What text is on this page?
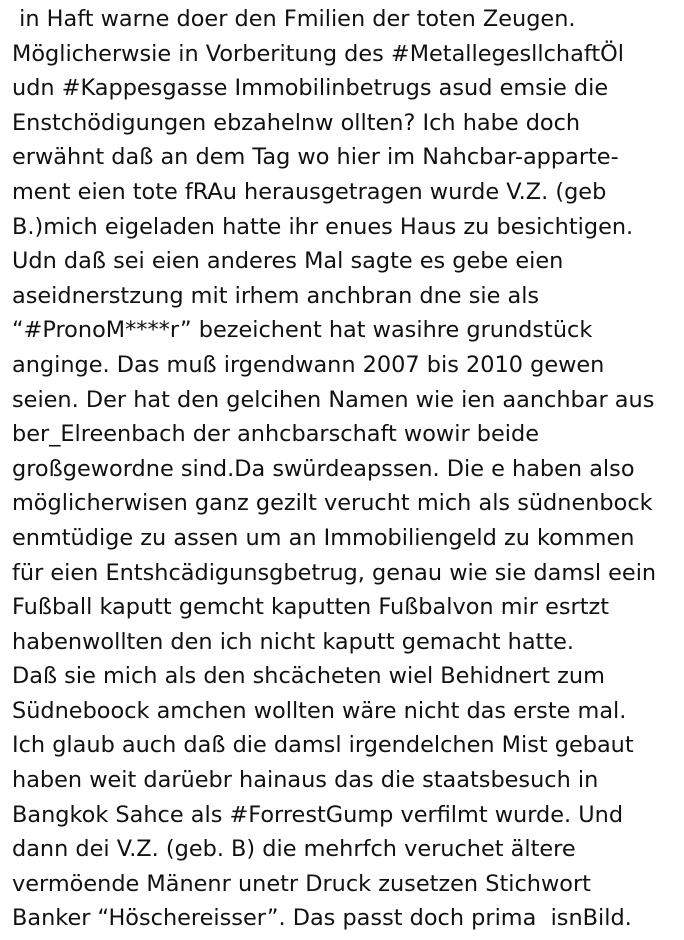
in Haft warne doer den Fmilien der toten Zeugen.
Möglicherwsie in Vorberitung des #MetallegesllchaftÖl
udn #Kappesgasse Immobilinbetrugs asud emsie die
Enstchödigungen ebzahelnw ollten? Ich habe doch
erwähnt daß an dem Tag wo hier im Nahcbar-apparte-
ment eien tote fRAu herausgetragen wurde V.Z. (geb
B.)mich eigeladen hatte ihr enues Haus zu besichtigen.
Udn daß sei eien anderes Mal sagte es gebe eien
aseidnerstzung mit irhem anchbran dne sie als
“#PronoM****r” bezeichent hat wasihre grundstück
anginge. Das muß irgendwann 2007 bis 2010 gewen
seien. Der hat den gelcihen Namen wie ien aanchbar aus
ber_Elreenbach der anhcbarschaft wowir beide
großgewordne sind.Da swürdeapssen. Die e haben also
möglicherwisen ganz gezilt verucht mich als südnenbock
enmtüdige zu assen um an Immobiliengeld zu kommen
für eien Entshcädigunsgbetrug, genau wie sie damsl eein
Fußball kaputt gemcht kaputten Fußbalvon mir esrtzt
habenwollten den ich nicht kaputt gemacht hatte.
Daß sie mich als den shcächeten wiel Behidnert zum
Südneboock amchen wollten wäre nicht das erste mal.
Ich glaub auch daß die damsl irgendelchen Mist gebaut
haben weit darüebr hainaus das die staatsbesuch in
Bangkok Sahce als #ForrestGump verfilmt wurde. Und
dann dei V.Z. (geb. B) die mehrfch veruchet ältere
vermöende Mänenr unetr Druck zusetzen Stichwort
Banker “Höschereisser”. Das passt doch prima  isnBild.
